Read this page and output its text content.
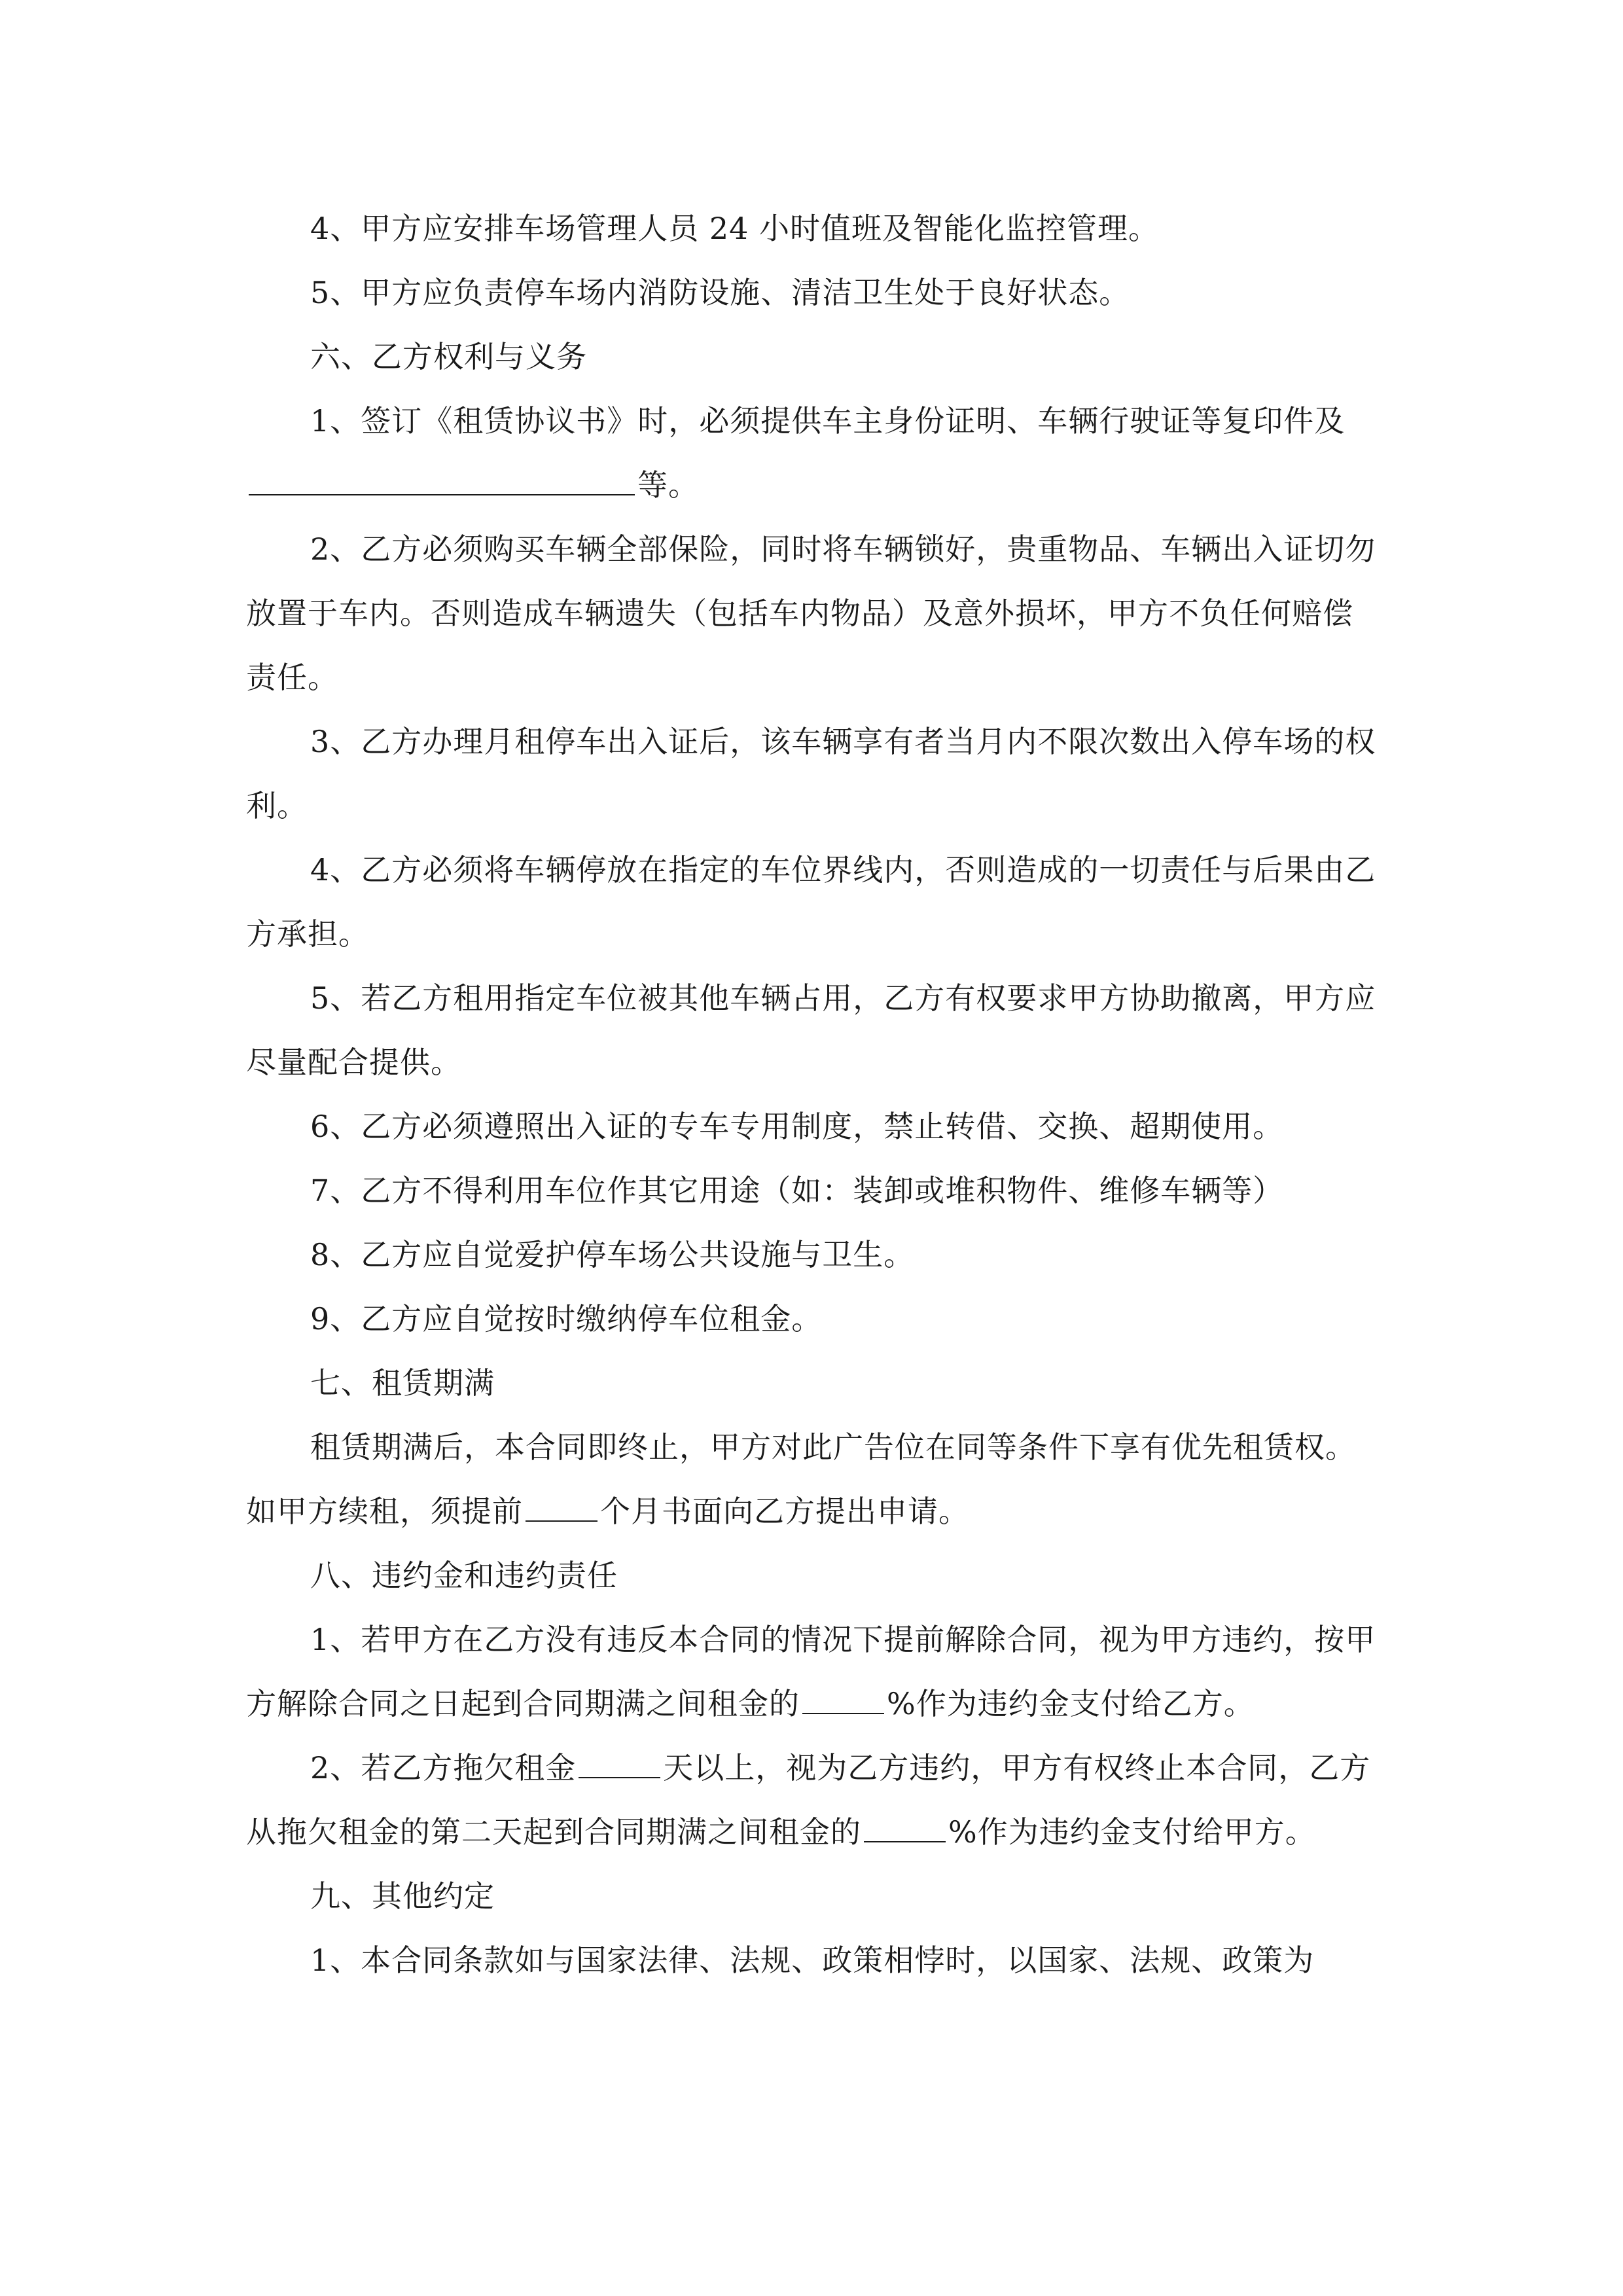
4、甲方应安排车场管理人员 24 小时值班及智能化监控管理。

5、甲方应负责停车场内消防设施、清洁卫生处于良好状态。

六、乙方权利与义务

1、签订《租赁协议书》时，必须提供车主身份证明、车辆行驶证等复印件及等。

2、乙方必须购买车辆全部保险，同时将车辆锁好，贵重物品、车辆出入证切勿放置于车内。否则造成车辆遗失（包括车内物品）及意外损坏，甲方不负任何赔偿责任。

3、乙方办理月租停车出入证后，该车辆享有者当月内不限次数出入停车场的权利。

4、乙方必须将车辆停放在指定的车位界线内，否则造成的一切责任与后果由乙方承担。

5、若乙方租用指定车位被其他车辆占用，乙方有权要求甲方协助撤离，甲方应尽量配合提供。

6、乙方必须遵照出入证的专车专用制度，禁止转借、交换、超期使用。

7、乙方不得利用车位作其它用途（如：装卸或堆积物件、维修车辆等）

8、乙方应自觉爱护停车场公共设施与卫生。

9、乙方应自觉按时缴纳停车位租金。

七、租赁期满

租赁期满后，本合同即终止，甲方对此广告位在同等条件下享有优先租赁权。如甲方续租，须提前	个月书面向乙方提出申请。

八、违约金和违约责任

1、若甲方在乙方没有违反本合同的情况下提前解除合同，视为甲方违约，按甲方解除合同之日起到合同期满之间租金的	%作为违约金支付给乙方。

2、若乙方拖欠租金	天以上，视为乙方违约，甲方有权终止本合同，乙方从拖欠租金的第二天起到合同期满之间租金的	%作为违约金支付给甲方。

九、其他约定

1、本合同条款如与国家法律、法规、政策相悖时，以国家、法规、政策为
